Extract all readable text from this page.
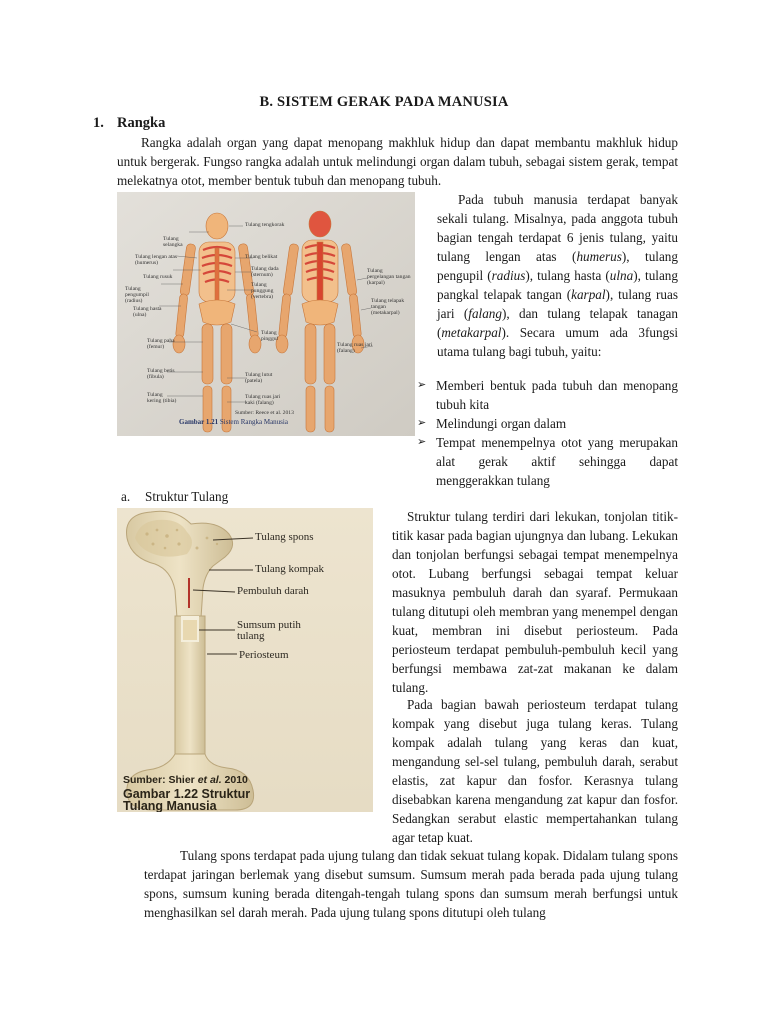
B. SISTEM GERAK PADA MANUSIA
1. Rangka

Rangka adalah organ yang dapat menopang makhluk hidup dan dapat membantu makhluk hidup untuk bergerak. Fungso rangka adalah untuk melindungi organ dalam tubuh, sebagai sistem gerak, tempat melekatnya otot, member bentuk tubuh dan menopang tubuh.

Tulang tengkorak
Tulang selangka
Tulang lengan atas (humerus)
Tulang rusuk
Tulang pengumpil (radius)
Tulang hasta (ulna)
Tulang paha (femur)
Tulang betis (fibula)
Tulang kering (tibia)
Tulang belikat
Tulang dada (sternum)
Tulang punggung (vertebra)
Tulang pinggul
Tulang lutut (patela)
Tulang ruas jari kaki (falang)
Tulang pergelangan tangan (karpal)
Tulang telapak tangan (metakarpal)
Tulang ruas jari (falang)
Sumber: Reece et al. 2013
Gambar 1.21 Sistem Rangka Manusia
Pada tubuh manusia terdapat banyak sekali tulang. Misalnya, pada anggota tubuh bagian tengah terdapat 6 jenis tulang, yaitu tulang lengan atas (humerus), tulang pengupil (radius), tulang hasta (ulna), tulang pangkal telapak tangan (karpal), tulang ruas jari (falang), dan tulang telapak tanagan (metakarpal). Secara umum ada 3fungsi utama tulang bagi tubuh, yaitu:
➢ Memberi bentuk pada tubuh dan menopang tubuh kita
➢ Melindungi organ dalam
➢ Tempat menempelnya otot yang merupakan alat gerak aktif sehingga dapat menggerakkan tulang
a. Struktur Tulang
Tulang spons
Tulang kompak
Pembuluh darah
Sumsum putih tulang
Periosteum
Sumber: Shier et al. 2010
Gambar 1.22 Struktur
Tulang Manusia

Struktur tulang terdiri dari lekukan, tonjolan titik-titik kasar pada bagian ujungnya dan lubang. Lekukan dan tonjolan berfungsi sebagai tempat menempelnya otot. Lubang berfungsi sebagai tempat keluar masuknya pembuluh darah dan syaraf. Permukaan tulang ditutupi oleh membran yang menempel dengan kuat, membran ini disebut periosteum. Pada periosteum terdapat pembuluh-pembuluh kecil yang berfungsi membawa zat-zat makanan ke dalam tulang.

Pada bagian bawah periosteum terdapat tulang kompak yang disebut juga tulang keras. Tulang kompak adalah tulang yang keras dan kuat, mengandung sel-sel tulang, pembuluh darah, serabut elastis, zat kapur dan fosfor. Kerasnya tulang disebabkan karena mengandung zat kapur dan fosfor. Sedangkan serabut elastic mempertahankan tulang agar tetap kuat.

Tulang spons terdapat pada ujung tulang dan tidak sekuat tulang kopak. Didalam tulang spons terdapat jaringan berlemak yang disebut sumsum. Sumsum merah pada berada pada ujung tulang spons, sumsum kuning berada ditengah-tengah tulang spons dan sumsum merah berfungsi untuk menghasilkan sel darah merah. Pada ujung tulang spons ditutupi oleh tulang
